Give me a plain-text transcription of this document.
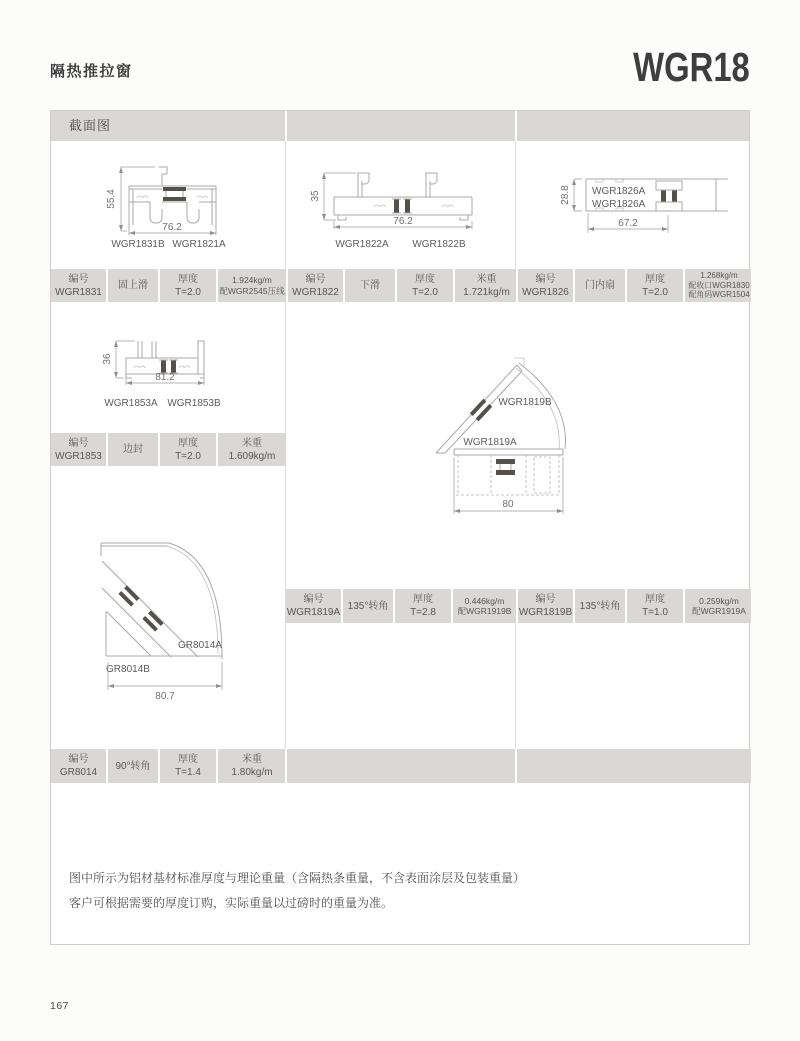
隔热推拉窗	WGR18
截面图
55.4
76.2
WGR1831B WGR1821A
35
76.2
WGR1822A WGR1822B
WGR1826A
WGR1826A
28.8
67.2
编号
WGR1831
固上滑
厚度
T=2.0
1.924kg/m
配WGR2545压线
编号
WGR1822
下滑
厚度
T=2.0
米重
1.721kg/m
编号
WGR1826
门内扇
厚度
T=2.0
1.268kg/m
配收口WGR1830
配角码WGR1504
36
81.2
WGR1853A WGR1853B
编号
WGR1853
边封
厚度
T=2.0
米重
1.609kg/m
WGR1819B
WGR1819A
80
编号
WGR1819A
135°转角
厚度
T=2.8
0.446kg/m
配WGR1919B
编号
WGR1819B
135°转角
厚度
T=1.0
0.259kg/m
配WGR1919A
GR8014A
GR8014B
80.7
编号
GR8014
90°转角
厚度
T=1.4
米重
1.80kg/m
图中所示为铝材基材标准厚度与理论重量（含隔热条重量，不含表面涂层及包装重量）
客户可根据需要的厚度订购，实际重量以过磅时的重量为准。
167
